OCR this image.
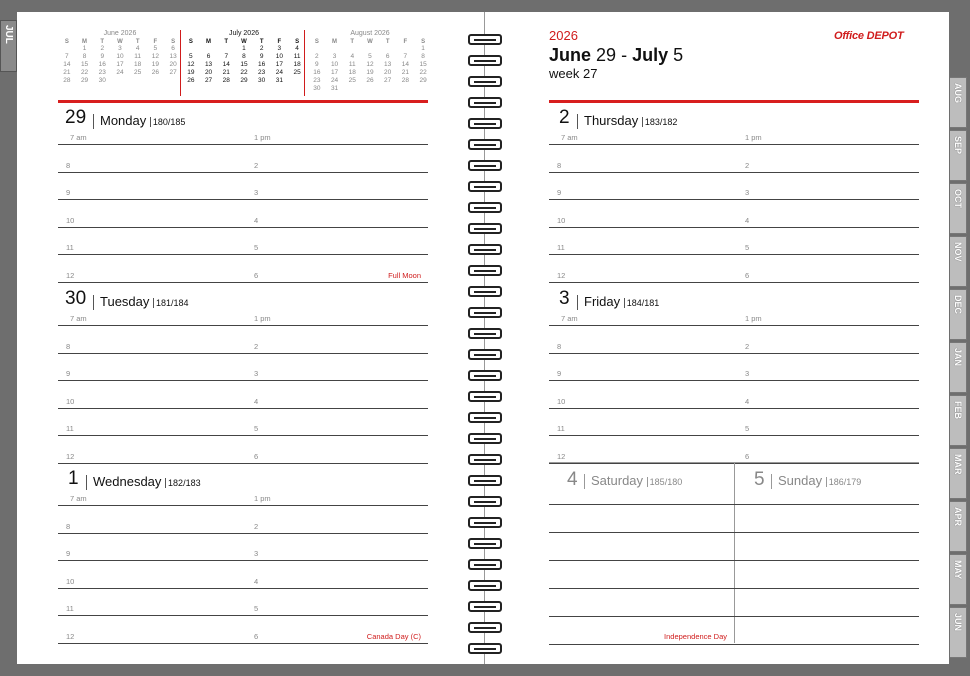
JUL
AUG
SEP
OCT
NOV
DEC
JAN
FEB
MAR
APR
MAY
JUN
June 2026
S	M	T	W	T	F	S
	1	2	3	4	5	6
7	8	9	10	11	12	13
14	15	16	17	18	19	20
21	22	23	24	25	26	27
28	29	30				

July 2026
S	M	T	W	T	F	S
			1	2	3	4
5	6	7	8	9	10	11
12	13	14	15	16	17	18
19	20	21	22	23	24	25
26	27	28	29	30	31	

August 2026
S	M	T	W	T	F	S
						1
2	3	4	5	6	7	8
9	10	11	12	13	14	15
16	17	18	19	20	21	22
23	24	25	26	27	28	29
30	31					
2026
June 29 - July 5
week 27
Office DEPOT
29	Monday 180/185
7 am	1 pm
8	2
9	3
10	4
11	5
12	6	Full Moon
30	Tuesday 181/184
7 am	1 pm
8	2
9	3
10	4
11	5
12	6
1	Wednesday 182/183
7 am	1 pm
8	2
9	3
10	4
11	5
12	6	Canada Day (C)
2	Thursday 183/182
7 am	1 pm
8	2
9	3
10	4
11	5
12	6
3	Friday 184/181
7 am	1 pm
8	2
9	3
10	4
11	5
12	6
4	Saturday 185/180
Independence Day
5	Sunday 186/179
